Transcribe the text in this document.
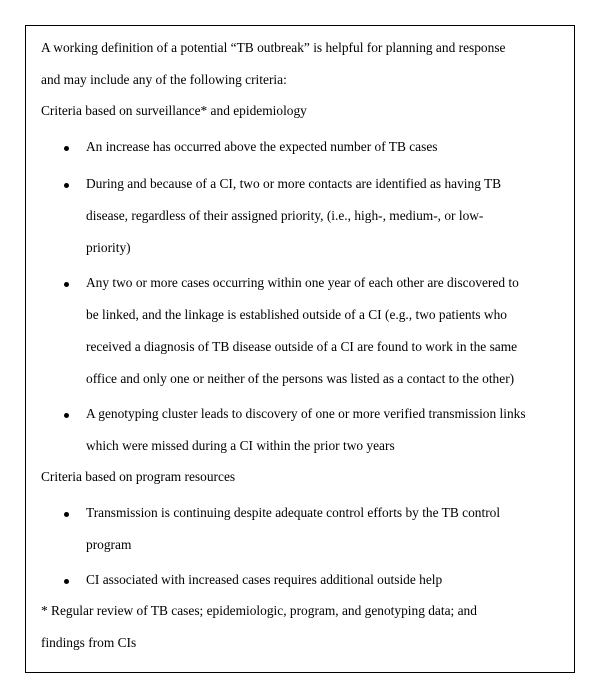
A working definition of a potential “TB outbreak” is helpful for planning and response
and may include any of the following criteria:
Criteria based on surveillance* and epidemiology
An increase has occurred above the expected number of TB cases
During and because of a CI, two or more contacts are identified as having TB
disease, regardless of their assigned priority, (i.e., high-, medium-, or low-
priority)
Any two or more cases occurring within one year of each other are discovered to
be linked, and the linkage is established outside of a CI (e.g., two patients who
received a diagnosis of TB disease outside of a CI are found to work in the same
office and only one or neither of the persons was listed as a contact to the other)
A genotyping cluster leads to discovery of one or more verified transmission links
which were missed during a CI within the prior two years
Criteria based on program resources
Transmission is continuing despite adequate control efforts by the TB control
program
CI associated with increased cases requires additional outside help
* Regular review of TB cases; epidemiologic, program, and genotyping data; and
findings from CIs
